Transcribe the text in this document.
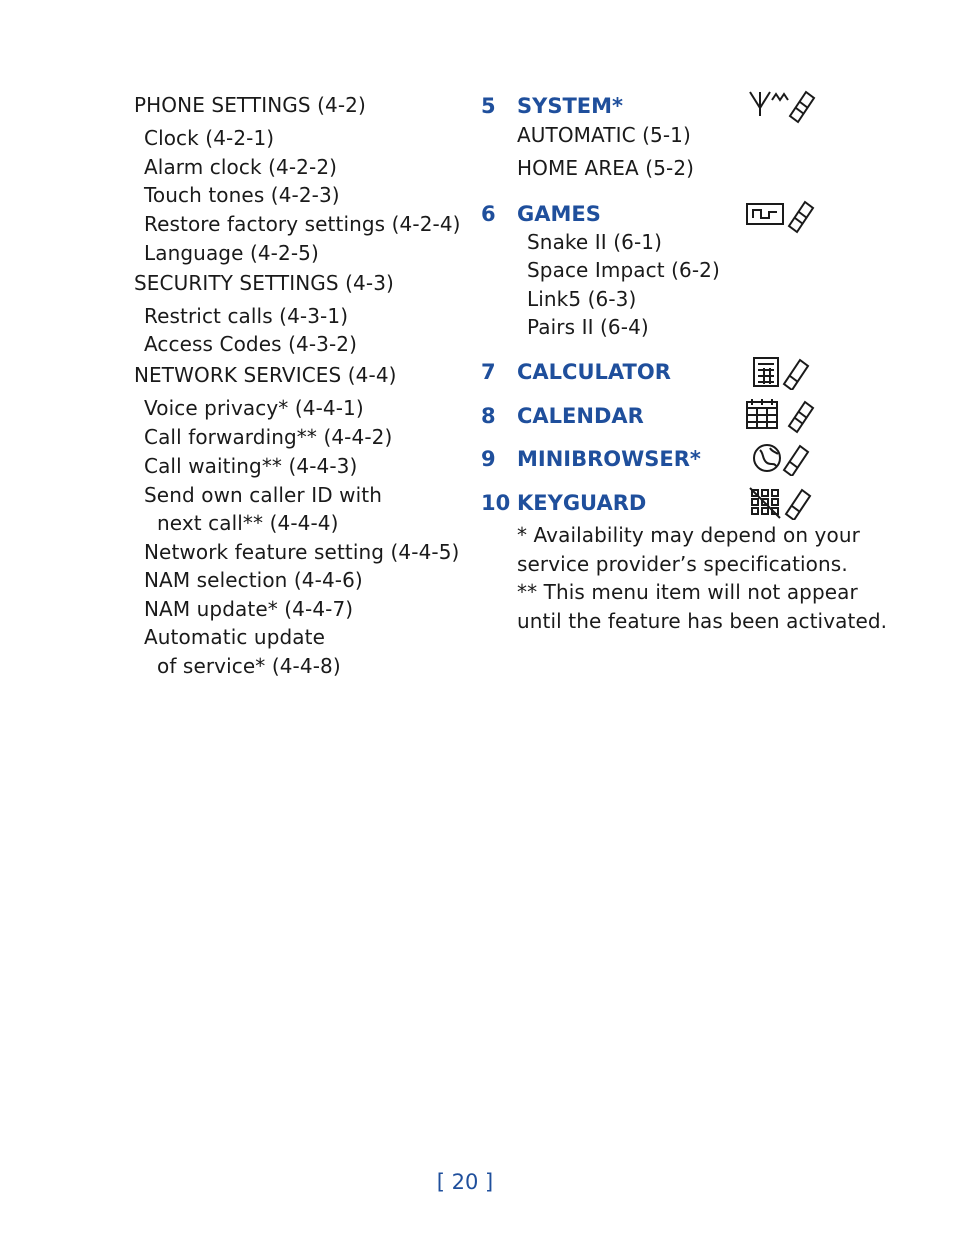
PHONE SETTINGS (4-2)
Clock (4-2-1)
Alarm clock (4-2-2)
Touch tones (4-2-3)
Restore factory settings (4-2-4)
Language (4-2-5)
SECURITY SETTINGS (4-3)
Restrict calls (4-3-1)
Access Codes (4-3-2)
NETWORK SERVICES (4-4)
Voice privacy* (4-4-1)
Call forwarding** (4-4-2)
Call waiting** (4-4-3)
Send own caller ID with
next call** (4-4-4)
Network feature setting (4-4-5)
NAM selection (4-4-6)
NAM update* (4-4-7)
Automatic update
of service* (4-4-8)
5 SYSTEM*
AUTOMATIC (5-1)
HOME AREA (5-2)
6 GAMES
Snake II (6-1)
Space Impact (6-2)
Link5 (6-3)
Pairs II (6-4)
7 CALCULATOR
8 CALENDAR
9 MINIBROWSER*
10 KEYGUARD
* Availability may depend on your
service provider’s specifications.
** This menu item will not appear
until the feature has been activated.
[ 20 ]
